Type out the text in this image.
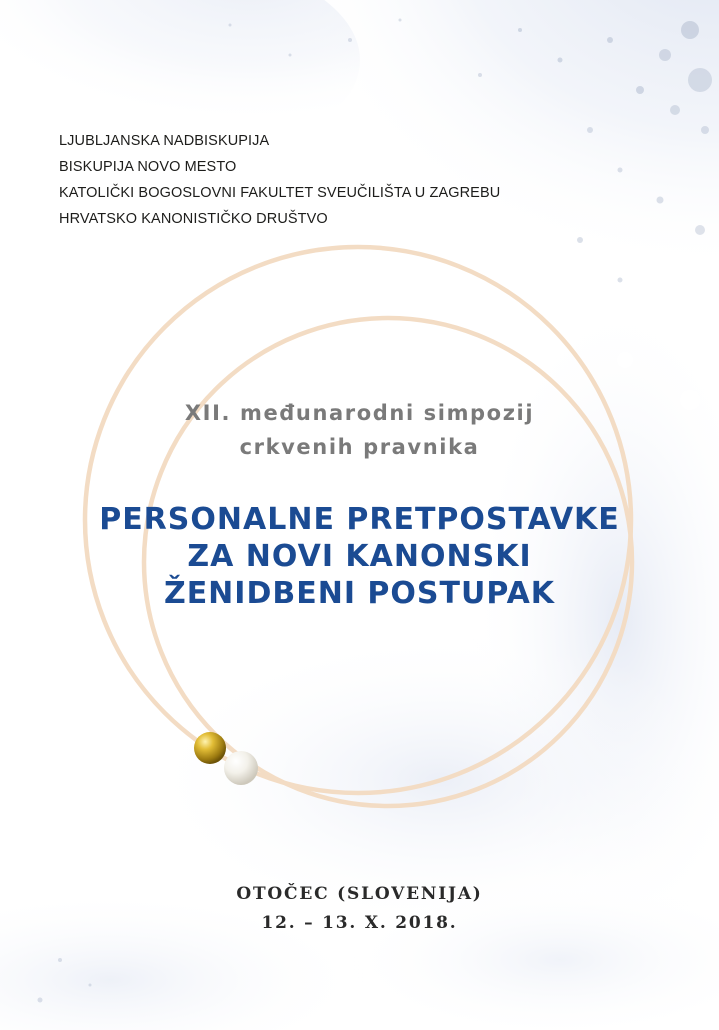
LJUBLJANSKA NADBISKUPIJA
BISKUPIJA NOVO MESTO
KATOLIČKI BOGOSLOVNI FAKULTET SVEUČILIŠTA U ZAGREBU
HRVATSKO KANONISTIČKO DRUŠTVO
XII. međunarodni simpozij
crkvenih pravnika
PERSONALNE PRETPOSTAVKE
ZA NOVI KANONSKI
ŽENIDBENI POSTUPAK
OTOČEC (SLOVENIJA)
12. – 13. X. 2018.
